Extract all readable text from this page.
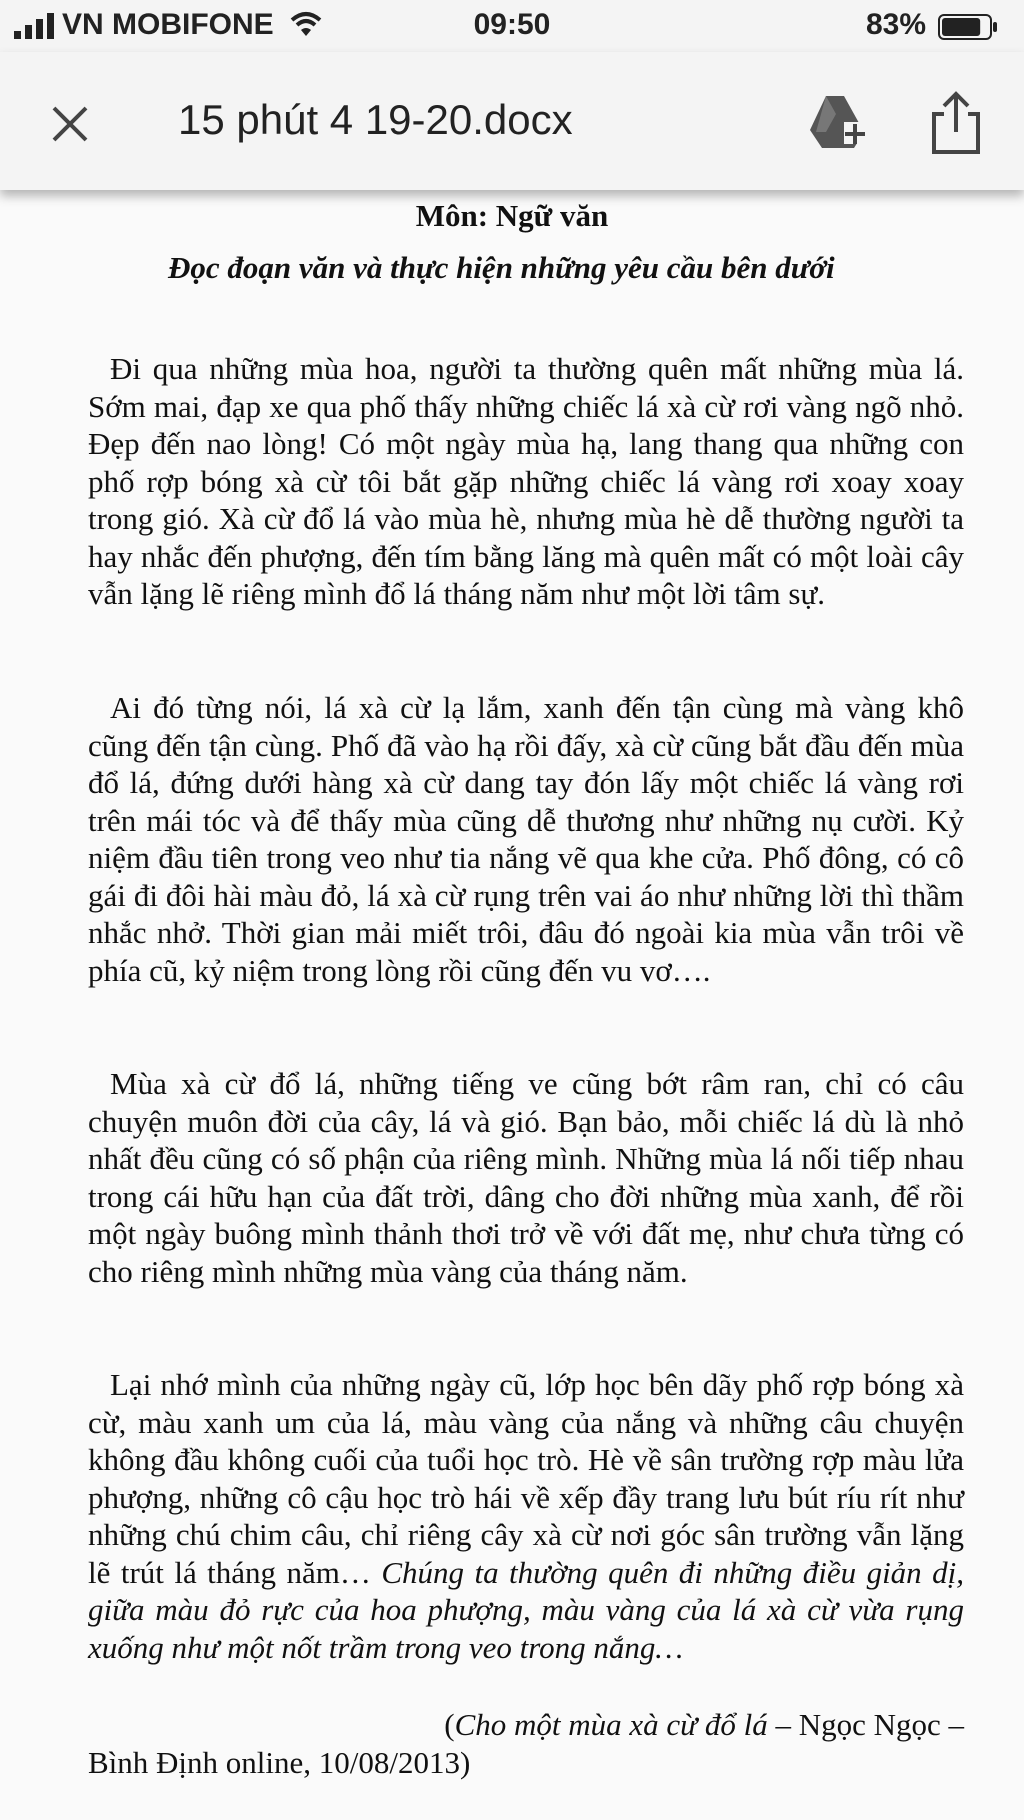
VN MOBIFONE	09:50	83%
15 phút 4 19-20.docx
Môn: Ngữ văn
Đọc đoạn văn và thực hiện những yêu cầu bên dưới
Đi qua những mùa hoa, người ta thường quên mất những mùa lá. Sớm mai, đạp xe qua phố thấy những chiếc lá xà cừ rơi vàng ngõ nhỏ. Đẹp đến nao lòng! Có một ngày mùa hạ, lang thang qua những con phố rợp bóng xà cừ tôi bắt gặp những chiếc lá vàng rơi xoay xoay trong gió. Xà cừ đổ lá vào mùa hè, nhưng mùa hè dễ thường người ta hay nhắc đến phượng, đến tím bằng lăng mà quên mất có một loài cây vẫn lặng lẽ riêng mình đổ lá tháng năm như một lời tâm sự.
Ai đó từng nói, lá xà cừ lạ lắm, xanh đến tận cùng mà vàng khô cũng đến tận cùng. Phố đã vào hạ rồi đấy, xà cừ cũng bắt đầu đến mùa đổ lá, đứng dưới hàng xà cừ dang tay đón lấy một chiếc lá vàng rơi trên mái tóc và để thấy mùa cũng dễ thương như những nụ cười. Kỷ niệm đầu tiên trong veo như tia nắng vẽ qua khe cửa. Phố đông, có cô gái đi đôi hài màu đỏ, lá xà cừ rụng trên vai áo như những lời thì thầm nhắc nhở. Thời gian mải miết trôi, đâu đó ngoài kia mùa vẫn trôi về phía cũ, kỷ niệm trong lòng rồi cũng đến vu vơ….
Mùa xà cừ đổ lá, những tiếng ve cũng bớt râm ran, chỉ có câu chuyện muôn đời của cây, lá và gió. Bạn bảo, mỗi chiếc lá dù là nhỏ nhất đều cũng có số phận của riêng mình. Những mùa lá nối tiếp nhau trong cái hữu hạn của đất trời, dâng cho đời những mùa xanh, để rồi một ngày buông mình thảnh thơi trở về với đất mẹ, như chưa từng có cho riêng mình những mùa vàng của tháng năm.
Lại nhớ mình của những ngày cũ, lớp học bên dãy phố rợp bóng xà cừ, màu xanh um của lá, màu vàng của nắng và những câu chuyện không đầu không cuối của tuổi học trò. Hè về sân trường rợp màu lửa phượng, những cô cậu học trò hái về xếp đầy trang lưu bút ríu rít như những chú chim câu, chỉ riêng cây xà cừ nơi góc sân trường vẫn lặng lẽ trút lá tháng năm… Chúng ta thường quên đi những điều giản dị, giữa màu đỏ rực của hoa phượng, màu vàng của lá xà cừ vừa rụng xuống như một nốt trầm trong veo trong nắng…
(Cho một mùa xà cừ đổ lá – Ngọc Ngọc –
Bình Định online, 10/08/2013)
